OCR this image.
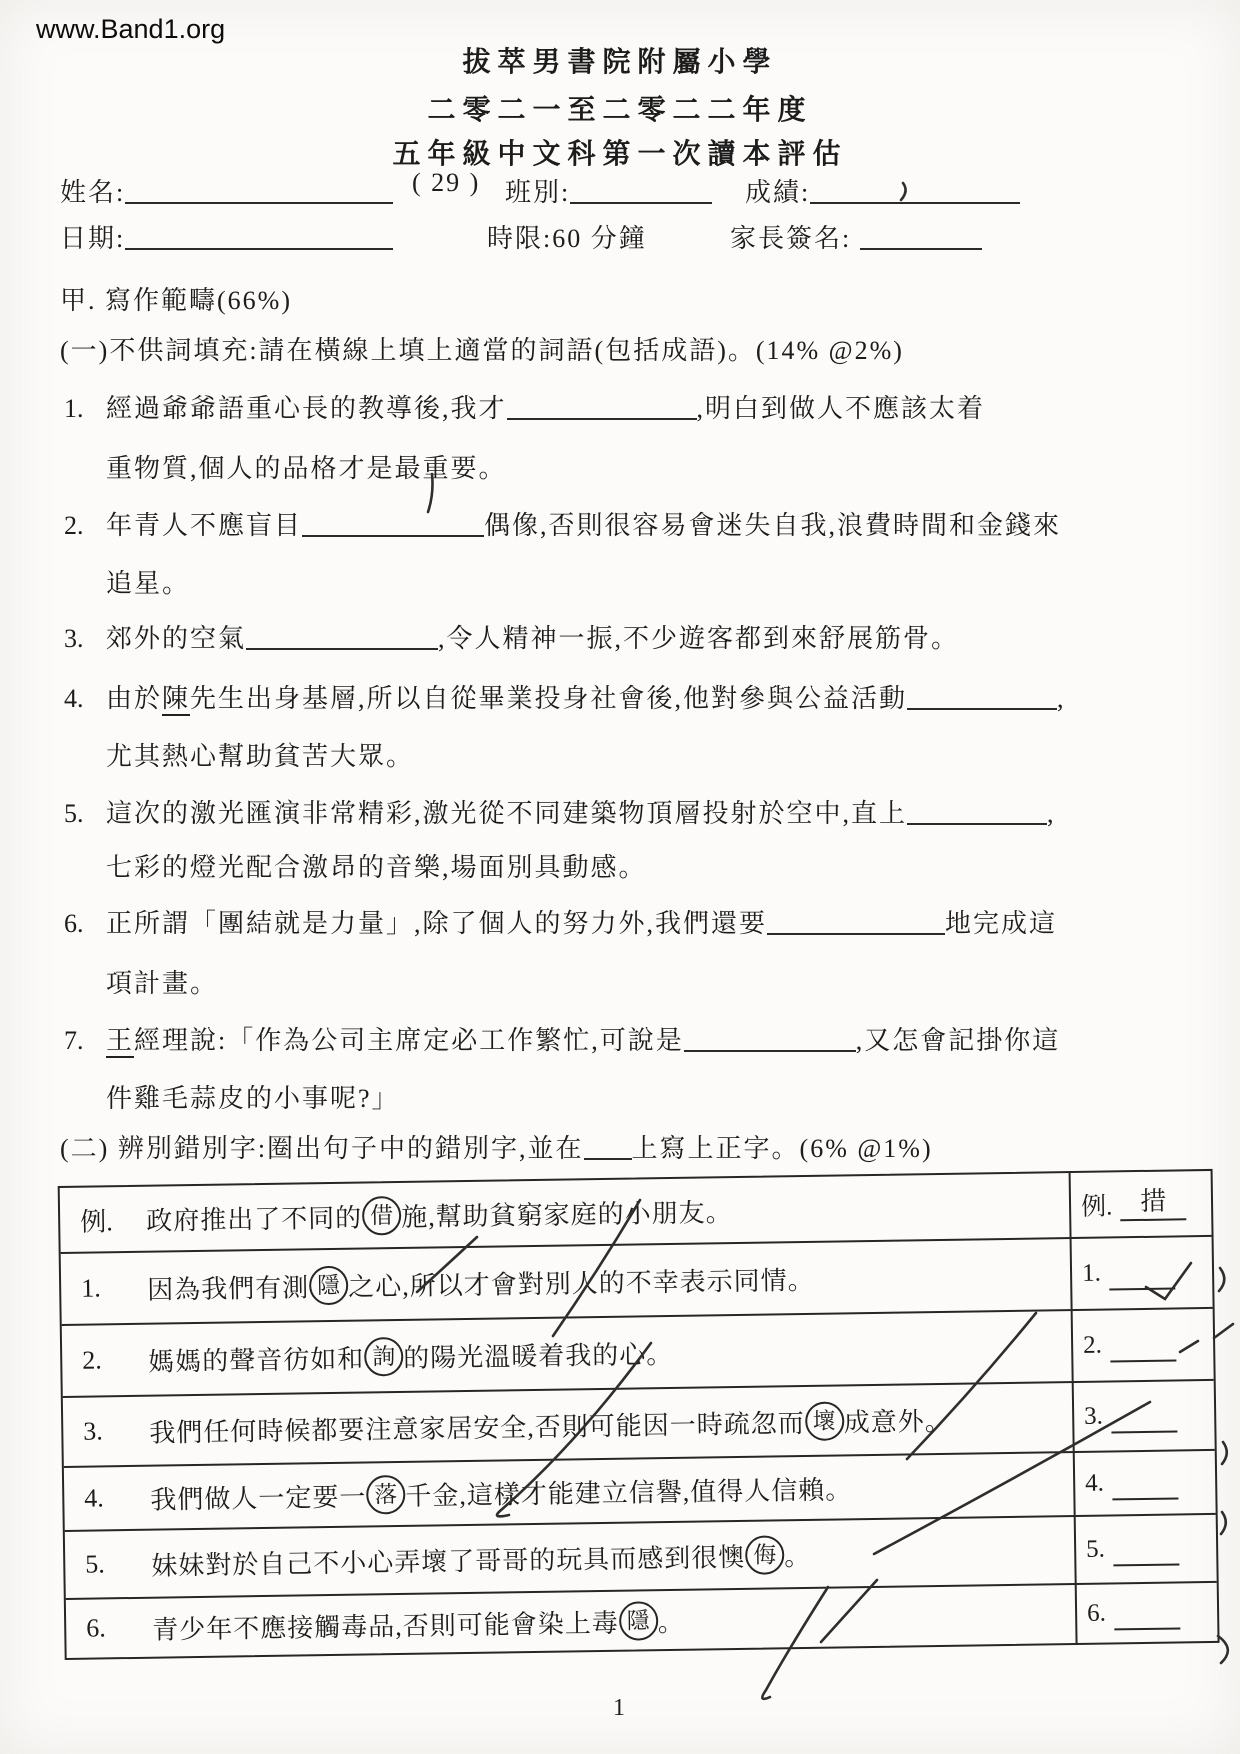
www.Band1.org
拔萃男書院附屬小學
二零二一至二零二二年度
五年級中文科第一次讀本評估
姓名:	( 29 ) 班別:	成績:
日期:	時限:60 分鐘	家長簽名:
甲. 寫作範疇(66%)
(一)不供詞填充:請在橫線上填上適當的詞語(包括成語)。(14% @2%)
1. 經過爺爺語重心長的教導後,我才	,明白到做人不應該太着
重物質,個人的品格才是最重要。
2. 年青人不應盲目	偶像,否則很容易會迷失自我,浪費時間和金錢來
追星。
3. 郊外的空氣	,令人精神一振,不少遊客都到來舒展筋骨。
4. 由於陳先生出身基層,所以自從畢業投身社會後,他對參與公益活動	,
尤其熱心幫助貧苦大眾。
5. 這次的激光匯演非常精彩,激光從不同建築物頂層投射於空中,直上	,
七彩的燈光配合激昂的音樂,場面別具動感。
6. 正所謂「團結就是力量」,除了個人的努力外,我們還要	地完成這
項計畫。
7. 王經理說:「作為公司主席定必工作繁忙,可說是	,又怎會記掛你這
件雞毛蒜皮的小事呢?」
(二) 辨別錯別字:圈出句子中的錯別字,並在 上寫上正字。(6% @1%)
例.	政府推出了不同的 借 施,幫助貧窮家庭的小朋友。	例.	措
1.	因為我們有測 隱 之心,所以才會對別人的不幸表示同情。	1.
2.	媽媽的聲音彷如和 詢 的陽光溫暖着我的心。	2.
3.	我們任何時候都要注意家居安全,否則可能因一時疏忽而 壞 成意外。	3.
4.	我們做人一定要一 落 千金,這樣才能建立信譽,值得人信賴。	4.
5.	妹妹對於自己不小心弄壞了哥哥的玩具而感到很懊 侮 。	5.
6.	青少年不應接觸毒品,否則可能會染上毒 隱 。	6.
1
